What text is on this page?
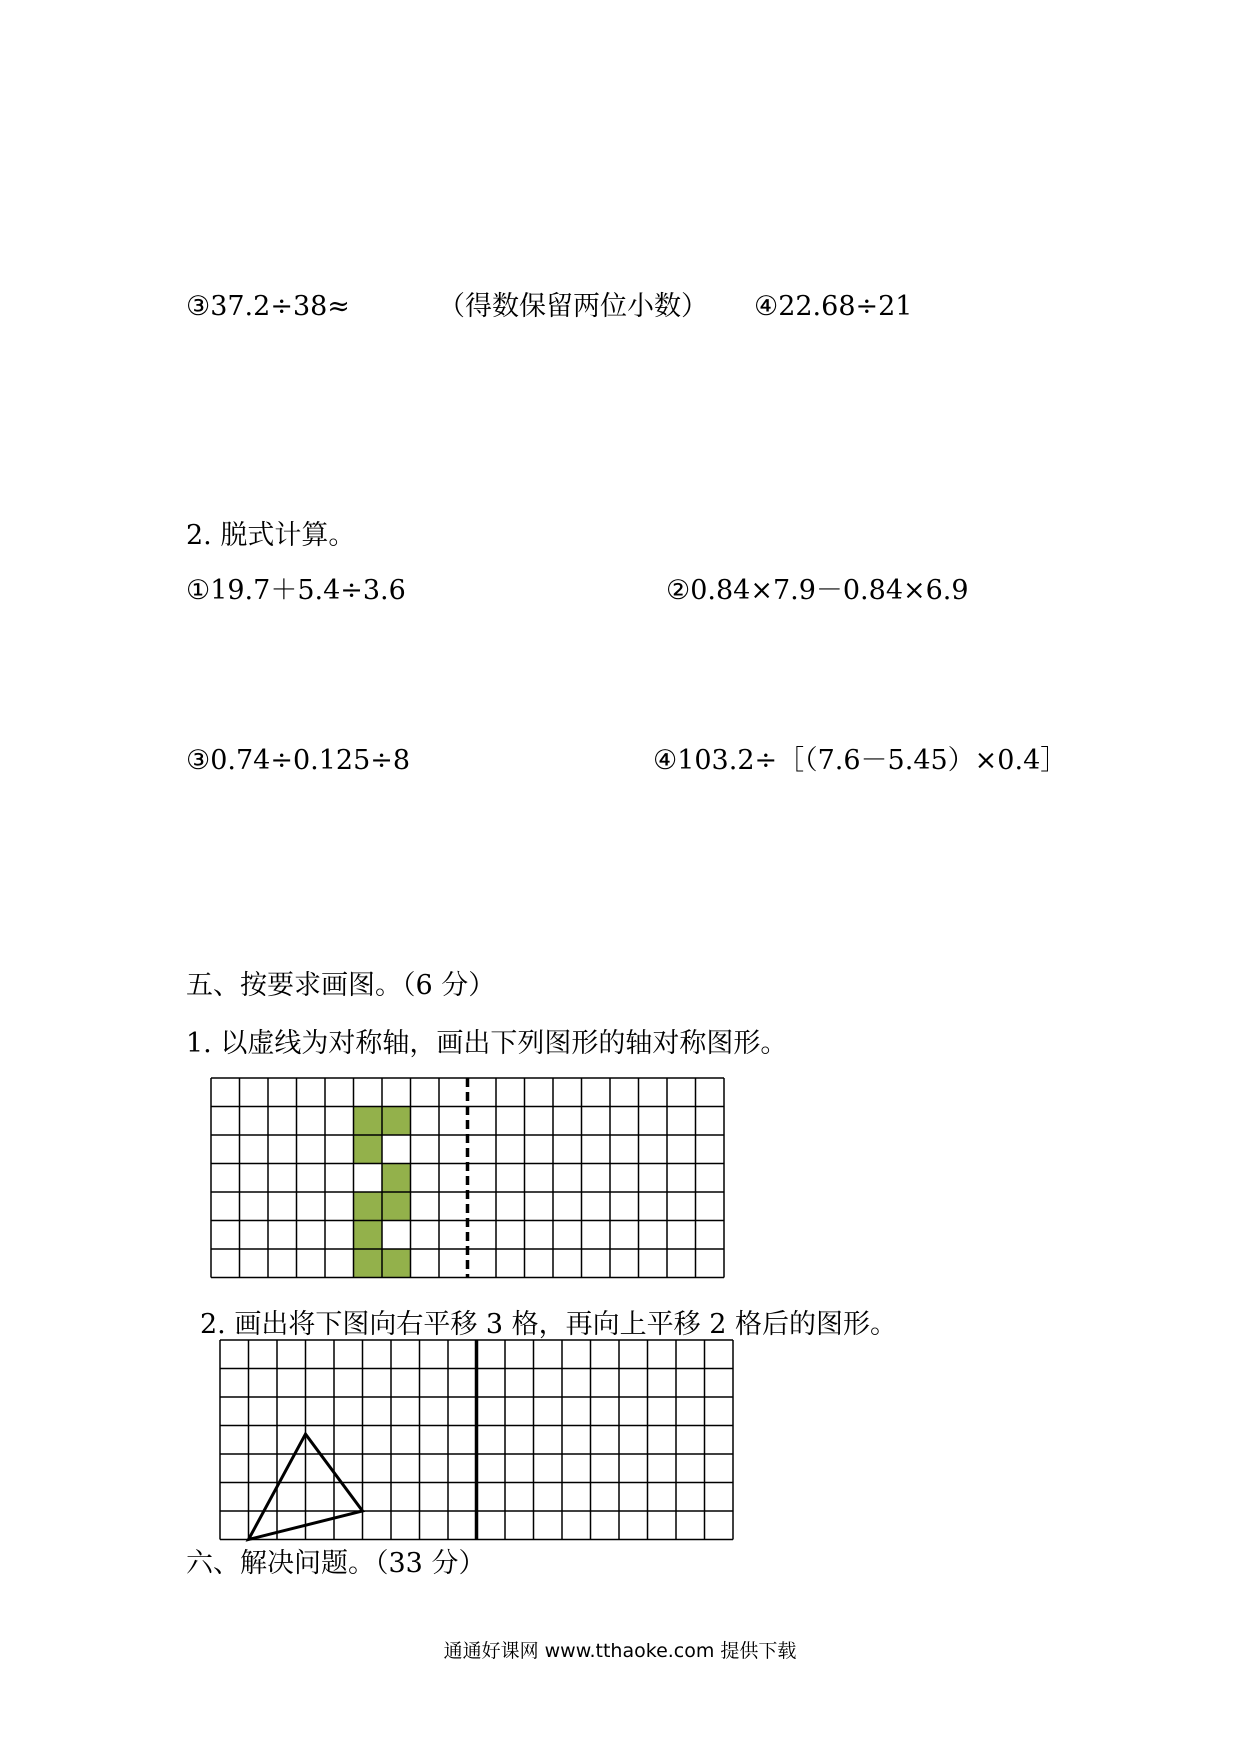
③37.2÷38≈	（得数保留两位小数） ④22.68÷21
2. 脱式计算。
①19.7＋5.4÷3.6	②0.84×7.9－0.84×6.9
③0.74÷0.125÷8	④103.2÷［（7.6－5.45）×0.4］
五、按要求画图。（6 分）
1. 以虚线为对称轴，画出下列图形的轴对称图形。
2. 画出将下图向右平移 3 格，再向上平移 2 格后的图形。
六、解决问题。（33 分）
通通好课网 www.tthaoke.com 提供下载
